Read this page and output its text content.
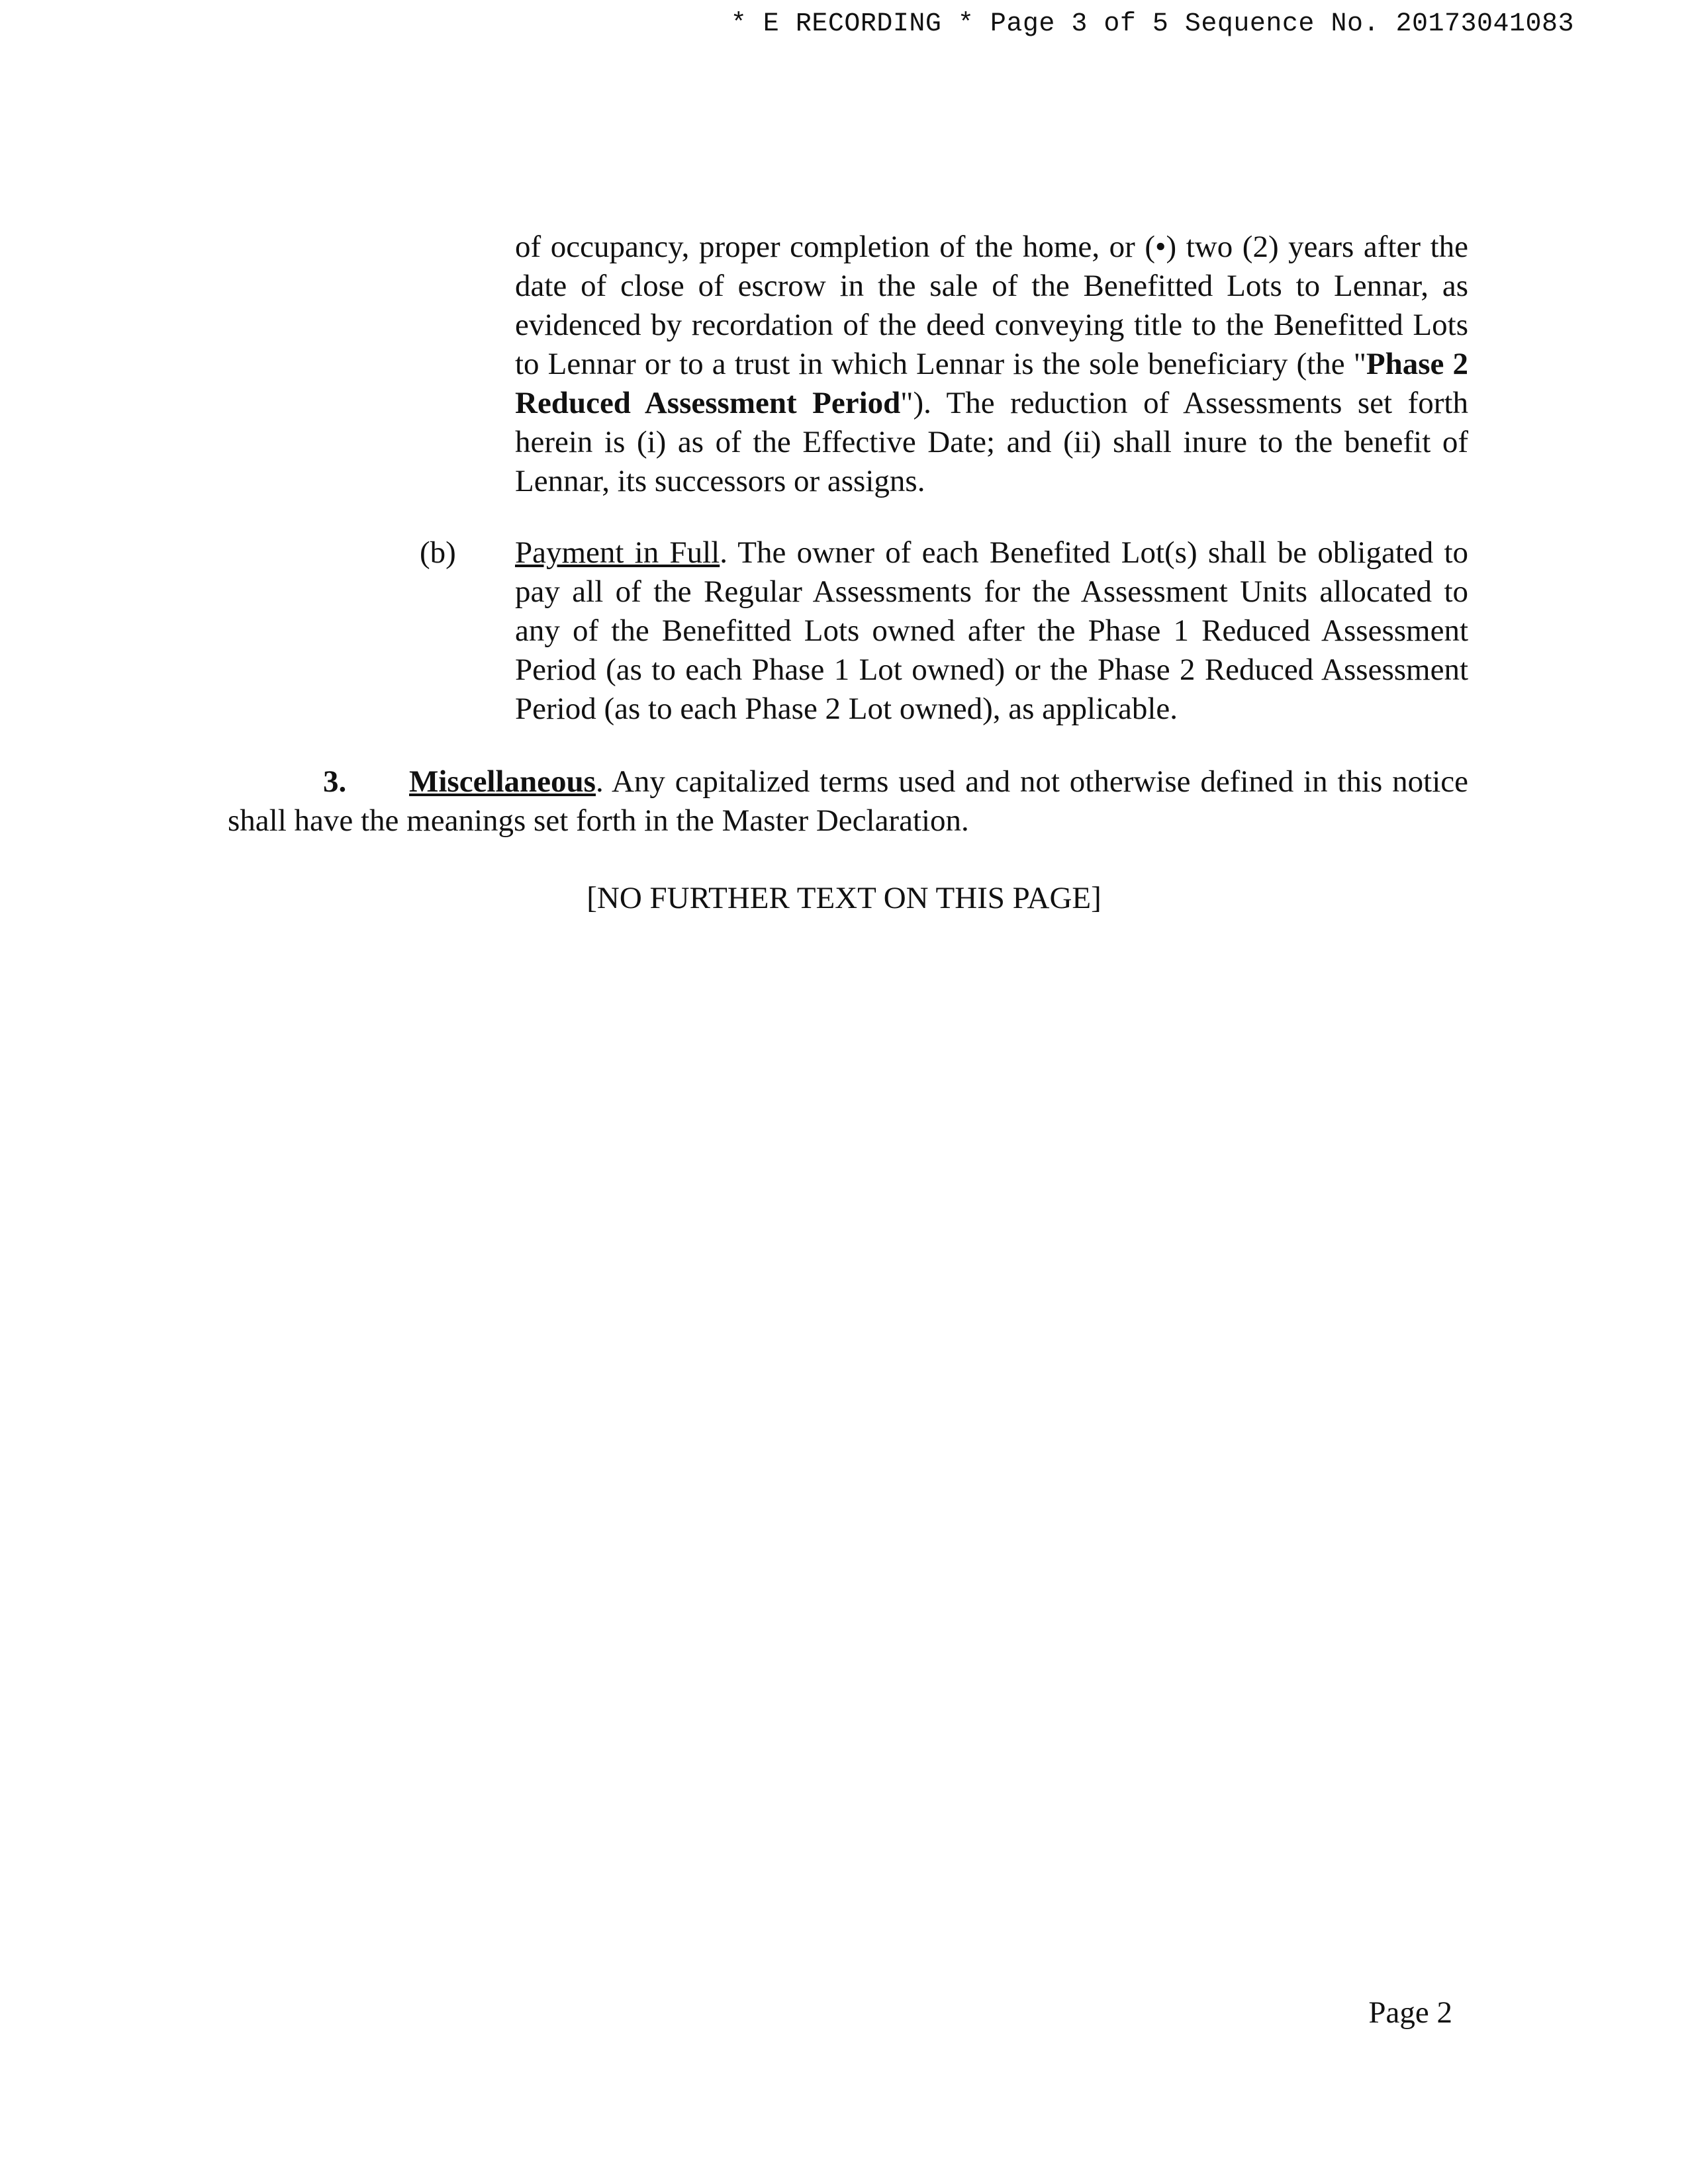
* E RECORDING * Page 3 of 5 Sequence No. 20173041083
of occupancy, proper completion of the home, or (•) two (2) years after the date of close of escrow in the sale of the Benefitted Lots to Lennar, as evidenced by recordation of the deed conveying title to the Benefitted Lots to Lennar or to a trust in which Lennar is the sole beneficiary (the "Phase 2 Reduced Assessment Period"). The reduction of Assessments set forth herein is (i) as of the Effective Date; and (ii) shall inure to the benefit of Lennar, its successors or assigns.
(b)	Payment in Full. The owner of each Benefited Lot(s) shall be obligated to pay all of the Regular Assessments for the Assessment Units allocated to any of the Benefitted Lots owned after the Phase 1 Reduced Assessment Period (as to each Phase 1 Lot owned) or the Phase 2 Reduced Assessment Period (as to each Phase 2 Lot owned), as applicable.
3. Miscellaneous. Any capitalized terms used and not otherwise defined in this notice shall have the meanings set forth in the Master Declaration.
[NO FURTHER TEXT ON THIS PAGE]
Page 2
